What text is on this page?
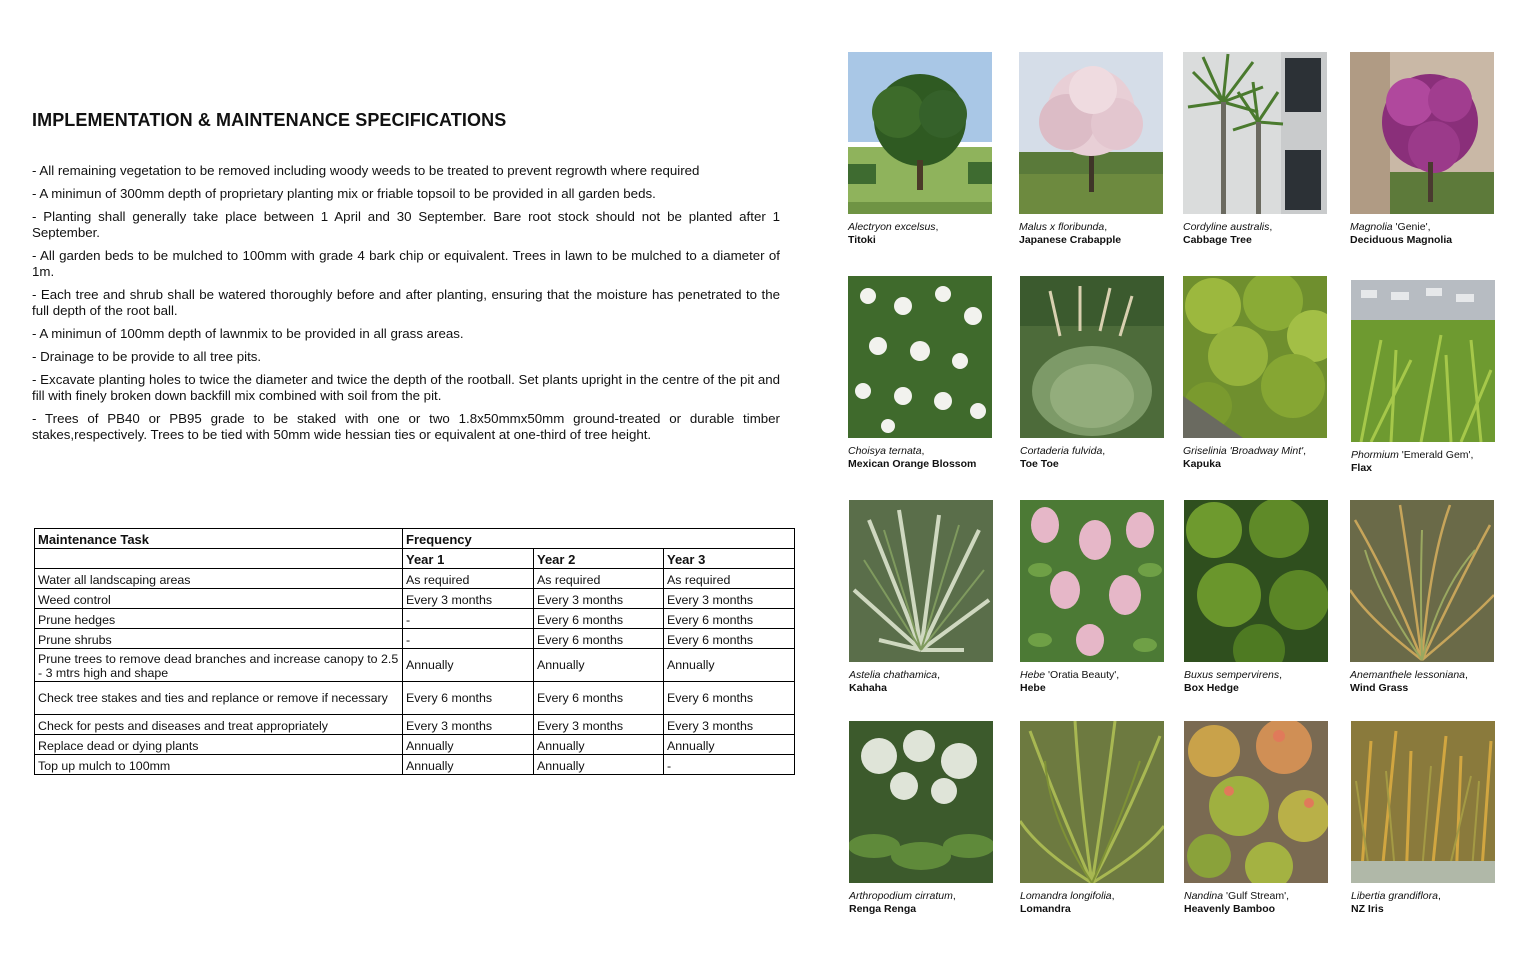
IMPLEMENTATION & MAINTENANCE SPECIFICATIONS
- All remaining vegetation to be removed including woody weeds to be treated to prevent regrowth where required
- A minimun of 300mm depth of proprietary planting mix or friable topsoil to be provided in all garden beds.
- Planting shall generally take place between 1 April and 30 September. Bare root stock should not be planted after 1 September.
- All garden beds to be mulched to 100mm with grade 4 bark chip or equivalent. Trees in lawn to be mulched to a diameter of 1m.
- Each tree and shrub shall be watered thoroughly before and after planting, ensuring that the moisture has penetrated to the full depth of the root ball.
- A minimun of 100mm depth of lawnmix to be provided in all grass areas.
- Drainage to be provide to all tree pits.
- Excavate planting holes to twice the diameter and twice the depth of the rootball. Set plants upright in the centre of the pit and fill with finely broken down backfill mix combined with soil from the pit.
- Trees of PB40 or PB95 grade to be staked with one or two 1.8x50mmx50mm ground-treated or durable timber stakes,respectively. Trees to be tied with 50mm wide hessian ties or equivalent at one-third of tree height.
Maintenance Task	Frequency		
	Year 1	Year 2	Year 3
Water all landscaping areas	As required	As required	As required
Weed control	Every 3 months	Every 3 months	Every 3 months
Prune hedges	-	Every 6 months	Every 6 months
Prune shrubs	-	Every 6 months	Every 6 months
Prune trees to remove dead branches and increase canopy to 2.5 - 3 mtrs high and shape	Annually	Annually	Annually
Check tree stakes and ties and replance or remove if necessary	Every 6 months	Every 6 months	Every 6 months
Check for pests and diseases and treat appropriately	Every 3 months	Every 3 months	Every 3 months
Replace dead or dying plants	Annually	Annually	Annually
Top up mulch to 100mm	Annually	Annually	-
Alectryon excelsus,
Titoki
Malus x floribunda,
Japanese Crabapple
Cordyline australis,
Cabbage Tree
Magnolia 'Genie',
Deciduous Magnolia
Choisya ternata,
Mexican Orange Blossom
Cortaderia fulvida,
Toe Toe
Griselinia 'Broadway Mint',
Kapuka
Phormium 'Emerald Gem',
Flax
Astelia chathamica,
Kahaha
Hebe 'Oratia Beauty',
Hebe
Buxus sempervirens,
Box Hedge
Anemanthele lessoniana,
Wind Grass
Arthropodium cirratum,
Renga Renga
Lomandra longifolia,
Lomandra
Nandina 'Gulf Stream',
Heavenly Bamboo
Libertia grandiflora,
NZ Iris
